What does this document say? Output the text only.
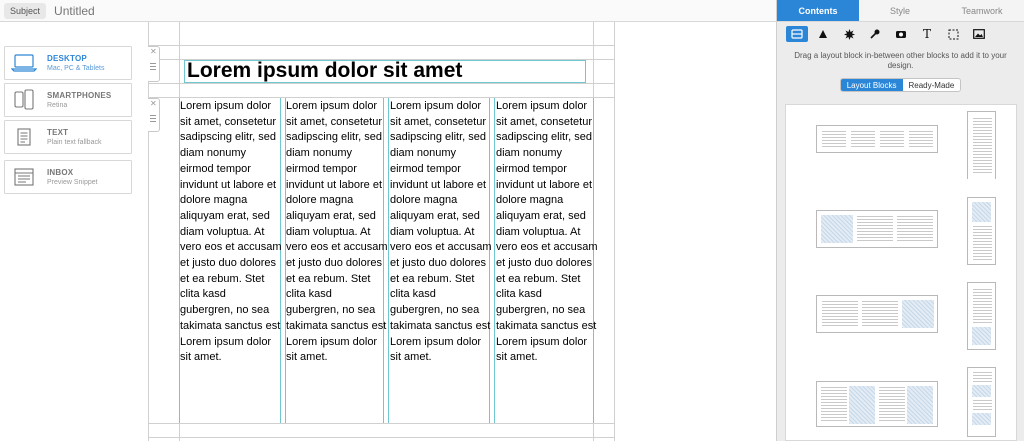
Subject
Untitled
DESKTOP
Mac, PC & Tablets
SMARTPHONES
Retina
TEXT
Plain text fallback
INBOX
Preview Snippet
✕
✕
Lorem ipsum dolor sit amet
Lorem ipsum dolor sit amet, consetetur sadipscing elitr, sed diam nonumy eirmod tempor invidunt ut labore et dolore magna aliquyam erat, sed diam voluptua. At vero eos et accusam et justo duo dolores et ea rebum. Stet clita kasd gubergren, no sea takimata sanctus est Lorem ipsum dolor sit amet.
Lorem ipsum dolor sit amet, consetetur sadipscing elitr, sed diam nonumy eirmod tempor invidunt ut labore et dolore magna aliquyam erat, sed diam voluptua. At vero eos et accusam et justo duo dolores et ea rebum. Stet clita kasd gubergren, no sea takimata sanctus est Lorem ipsum dolor sit amet.
Lorem ipsum dolor sit amet, consetetur sadipscing elitr, sed diam nonumy eirmod tempor invidunt ut labore et dolore magna aliquyam erat, sed diam voluptua. At vero eos et accusam et justo duo dolores et ea rebum. Stet clita kasd gubergren, no sea takimata sanctus est Lorem ipsum dolor sit amet.
Lorem ipsum dolor sit amet, consetetur sadipscing elitr, sed diam nonumy eirmod tempor invidunt ut labore et dolore magna aliquyam erat, sed diam voluptua. At vero eos et accusam et justo duo dolores et ea rebum. Stet clita kasd gubergren, no sea takimata sanctus est Lorem ipsum dolor sit amet.
Contents	Style	Teamwork
T
Drag a layout block in-between other blocks to add it to your design.
Layout Blocks	Ready-Made
